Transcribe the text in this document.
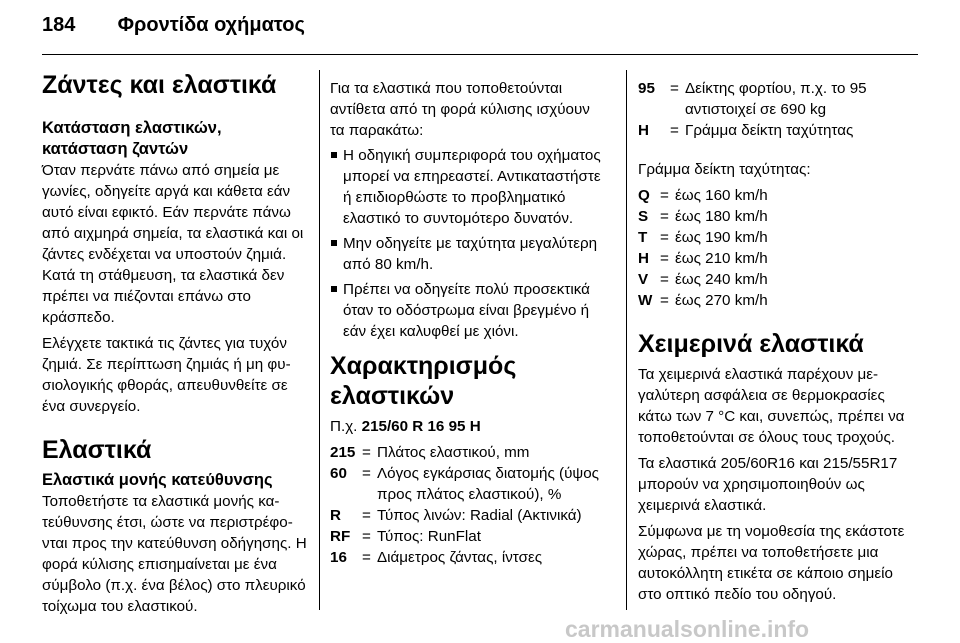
184 Φροντίδα οχήματος
Ζάντες και ελαστικά
Κατάσταση ελαστικών, κατάσταση ζαντών

Όταν περνάτε πάνω από σημεία με γωνίες, οδηγείτε αργά και κάθετα εάν αυτό είναι εφικτό. Εάν περνάτε πάνω από αιχμηρά σημεία, τα ελαστικά και οι ζάντες ενδέχεται να υποστούν ζημιά. Κατά τη στάθμευση, τα ελαστικά δεν πρέπει να πιέζονται επάνω στο κράσπεδο.

Ελέγχετε τακτικά τις ζάντες για τυχόν ζημιά. Σε περίπτωση ζημιάς ή μη φυσιολογικής φθοράς, απευθυνθείτε σε ένα συνεργείο.

Ελαστικά
Ελαστικά μονής κατεύθυνσης

Τοποθετήστε τα ελαστικά μονής κατεύθυνσης έτσι, ώστε να περιστρέφονται προς την κατεύθυνση οδήγησης. Η φορά κύλισης επισημαίνεται με ένα σύμβολο (π.χ. ένα βέλος) στο πλευρικό τοίχωμα του ελαστικού.

Για τα ελαστικά που τοποθετούνται αντίθετα από τη φορά κύλισης ισχύουν τα παρακάτω:

Η οδηγική συμπεριφορά του οχήματος μπορεί να επηρεαστεί. Αντικαταστήστε ή επιδιορθώστε το προβληματικό ελαστικό το συντομότερο δυνατόν.
Μην οδηγείτε με ταχύτητα μεγαλύτερη από 80 km/h.
Πρέπει να οδηγείτε πολύ προσεκτικά όταν το οδόστρωμα είναι βρεγμένο ή εάν έχει καλυφθεί με χιόνι.
Χαρακτηρισμός ελαστικών

Π.χ. 215/60 R 16 95 H

215 = Πλάτος ελαστικού, mm
60 = Λόγος εγκάρσιας διατομής (ύψος προς πλάτος ελαστικού), %
R	= Τύπος λινών: Radial (Ακτινικά)
RF = Τύπος: RunFlat
16 = Διάμετρος ζάντας, ίντσες
95 = Δείκτης φορτίου, π.χ. το 95 αντιστοιχεί σε 690 kg
H	= Γράμμα δείκτη ταχύτητας

Γράμμα δείκτη ταχύτητας:

Q = έως 160 km/h
S = έως 180 km/h
T = έως 190 km/h
H = έως 210 km/h
V = έως 240 km/h
W = έως 270 km/h
Χειμερινά ελαστικά

Τα χειμερινά ελαστικά παρέχουν μεγαλύτερη ασφάλεια σε θερμοκρασίες κάτω των 7 °C και, συνεπώς, πρέπει να τοποθετούνται σε όλους τους τροχούς.

Τα ελαστικά 205/60R16 και 215/55R17 μπορούν να χρησιμοποιηθούν ως χειμερινά ελαστικά.

Σύμφωνα με τη νομοθεσία της εκάστοτε χώρας, πρέπει να τοποθετήσετε μια αυτοκόλλητη ετικέτα σε κάποιο σημείο στο οπτικό πεδίο του οδηγού.

carmanualsonline.info
